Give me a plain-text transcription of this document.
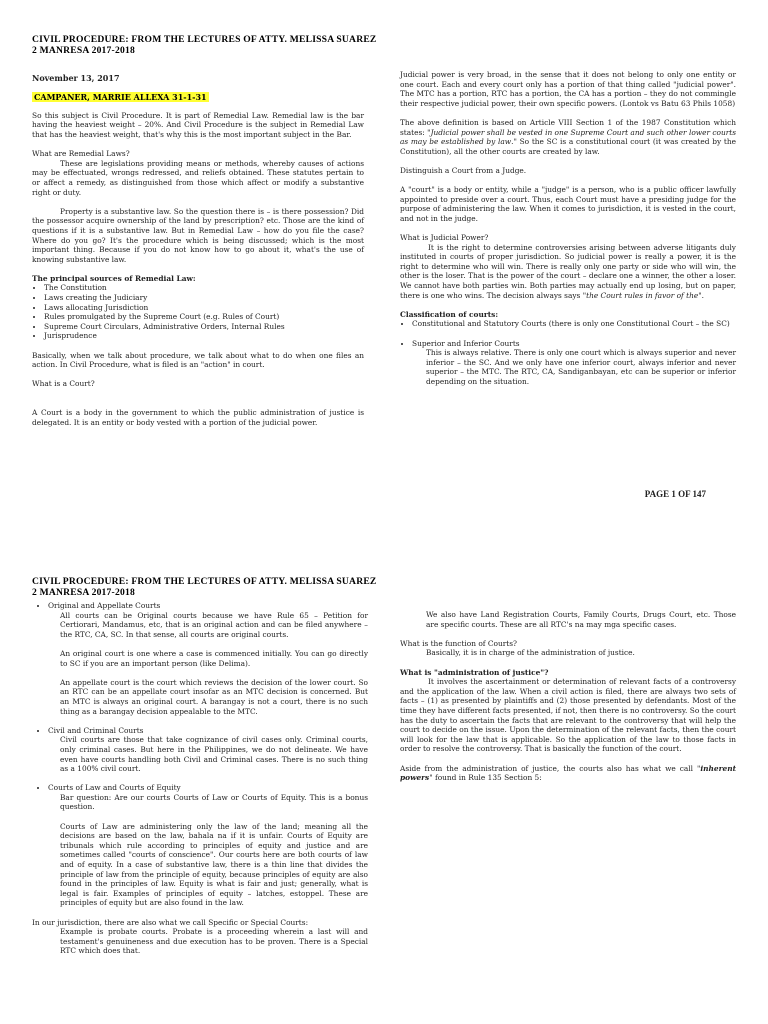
CIVIL PROCEDURE: FROM THE LECTURES OF ATTY. MELISSA SUAREZ
2 MANRESA 2017-2018

November 13, 2017

CAMPANER, MARRIE ALLEXA 31-1-31

So this subject is Civil Procedure. It is part of Remedial Law. Remedial law is the bar having the heaviest weight – 20%. And Civil Procedure is the subject in Remedial Law that has the heaviest weight, that's why this is the most important subject in the Bar.

What are Remedial Laws?

These are legislations providing means or methods, whereby causes of actions may be effectuated, wrongs redressed, and reliefs obtained. These statutes pertain to or affect a remedy, as distinguished from those which affect or modify a substantive right or duty.

Property is a substantive law. So the question there is – is there possession? Did the possessor acquire ownership of the land by prescription? etc. Those are the kind of questions if it is a substantive law. But in Remedial Law – how do you file the case? Where do you go? It's the procedure which is being discussed; which is the most important thing. Because if you do not know how to go about it, what's the use of knowing substantive law.

The principal sources of Remedial Law:

• The Constitution
• Laws creating the Judiciary
• Laws allocating Jurisdiction
• Rules promulgated by the Supreme Court (e.g. Rules of Court)
• Supreme Court Circulars, Administrative Orders, Internal Rules
• Jurisprudence

Basically, when we talk about procedure, we talk about what to do when one files an action. In Civil Procedure, what is filed is an "action" in court.

What is a Court?

A Court is a body in the government to which the public administration of justice is delegated. It is an entity or body vested with a portion of the judicial power.

Judicial power is very broad, in the sense that it does not belong to only one entity or one court. Each and every court only has a portion of that thing called "judicial power". The MTC has a portion, RTC has a portion, the CA has a portion – they do not commingle their respective judicial power, their own specific powers. (Lontok vs Batu 63 Phils 1058)

The above definition is based on Article VIII Section 1 of the 1987 Constitution which states: "Judicial power shall be vested in one Supreme Court and such other lower courts as may be established by law." So the SC is a constitutional court (it was created by the Constitution), all the other courts are created by law.

Distinguish a Court from a Judge.

A "court" is a body or entity, while a "judge" is a person, who is a public officer lawfully appointed to preside over a court. Thus, each Court must have a presiding judge for the purpose of administering the law. When it comes to jurisdiction, it is vested in the court, and not in the judge.

What is Judicial Power?

It is the right to determine controversies arising between adverse litigants duly instituted in courts of proper jurisdiction. So judicial power is really a power, it is the right to determine who will win. There is really only one party or side who will win, the other is the loser. That is the power of the court – declare one a winner, the other a loser. We cannot have both parties win. Both parties may actually end up losing, but on paper, there is one who wins. The decision always says "the Court rules in favor of the".

Classification of courts:

• Constitutional and Statutory Courts (there is only one Constitutional Court – the SC)
• Superior and Inferior Courts

This is always relative. There is only one court which is always superior and never inferior – the SC. And we only have one inferior court, always inferior and never superior – the MTC. The RTC, CA, Sandiganbayan, etc can be superior or inferior depending on the situation.

PAGE 1 OF 147
CIVIL PROCEDURE: FROM THE LECTURES OF ATTY. MELISSA SUAREZ
2 MANRESA 2017-2018
• Original and Appellate Courts

All courts can be Original courts because we have Rule 65 – Petition for Certiorari, Mandamus, etc, that is an original action and can be filed anywhere – the RTC, CA, SC. In that sense, all courts are original courts.

An original court is one where a case is commenced initially. You can go directly to SC if you are an important person (like Delima).

An appellate court is the court which reviews the decision of the lower court. So an RTC can be an appellate court insofar as an MTC decision is concerned. But an MTC is always an original court. A barangay is not a court, there is no such thing as a barangay decision appealable to the MTC.

• Civil and Criminal Courts

Civil courts are those that take cognizance of civil cases only. Criminal courts, only criminal cases. But here in the Philippines, we do not delineate. We have even have courts handling both Civil and Criminal cases. There is no such thing as a 100% civil court.

• Courts of Law and Courts of Equity

Bar question: Are our courts Courts of Law or Courts of Equity. This is a bonus question.

Courts of Law are administering only the law of the land; meaning all the decisions are based on the law, bahala na if it is unfair. Courts of Equity are tribunals which rule according to principles of equity and justice and are sometimes called "courts of conscience". Our courts here are both courts of law and of equity. In a case of substantive law, there is a thin line that divides the principle of law from the principle of equity, because principles of equity are also found in the principles of law. Equity is what is fair and just; generally, what is legal is fair. Examples of principles of equity – latches, estoppel. These are principles of equity but are also found in the law.

In our jurisdiction, there are also what we call Specific or Special Courts:

Example is probate courts. Probate is a proceeding wherein a last will and testament's genuineness and due execution has to be proven. There is a Special RTC which does that.

We also have Land Registration Courts, Family Courts, Drugs Court, etc. Those are specific courts. These are all RTC's na may mga specific cases.

What is the function of Courts?

Basically, it is in charge of the administration of justice.

What is "administration of justice"?

It involves the ascertainment or determination of relevant facts of a controversy and the application of the law. When a civil action is filed, there are always two sets of facts – (1) as presented by plaintiffs and (2) those presented by defendants. Most of the time they have different facts presented, if not, then there is no controversy. So the court has the duty to ascertain the facts that are relevant to the controversy that will help the court to decide on the issue. Upon the determination of the relevant facts, then the court will look for the law that is applicable. So the application of the law to those facts in order to resolve the controversy. That is basically the function of the court.

Aside from the administration of justice, the courts also has what we call "inherent powers" found in Rule 135 Section 5:
